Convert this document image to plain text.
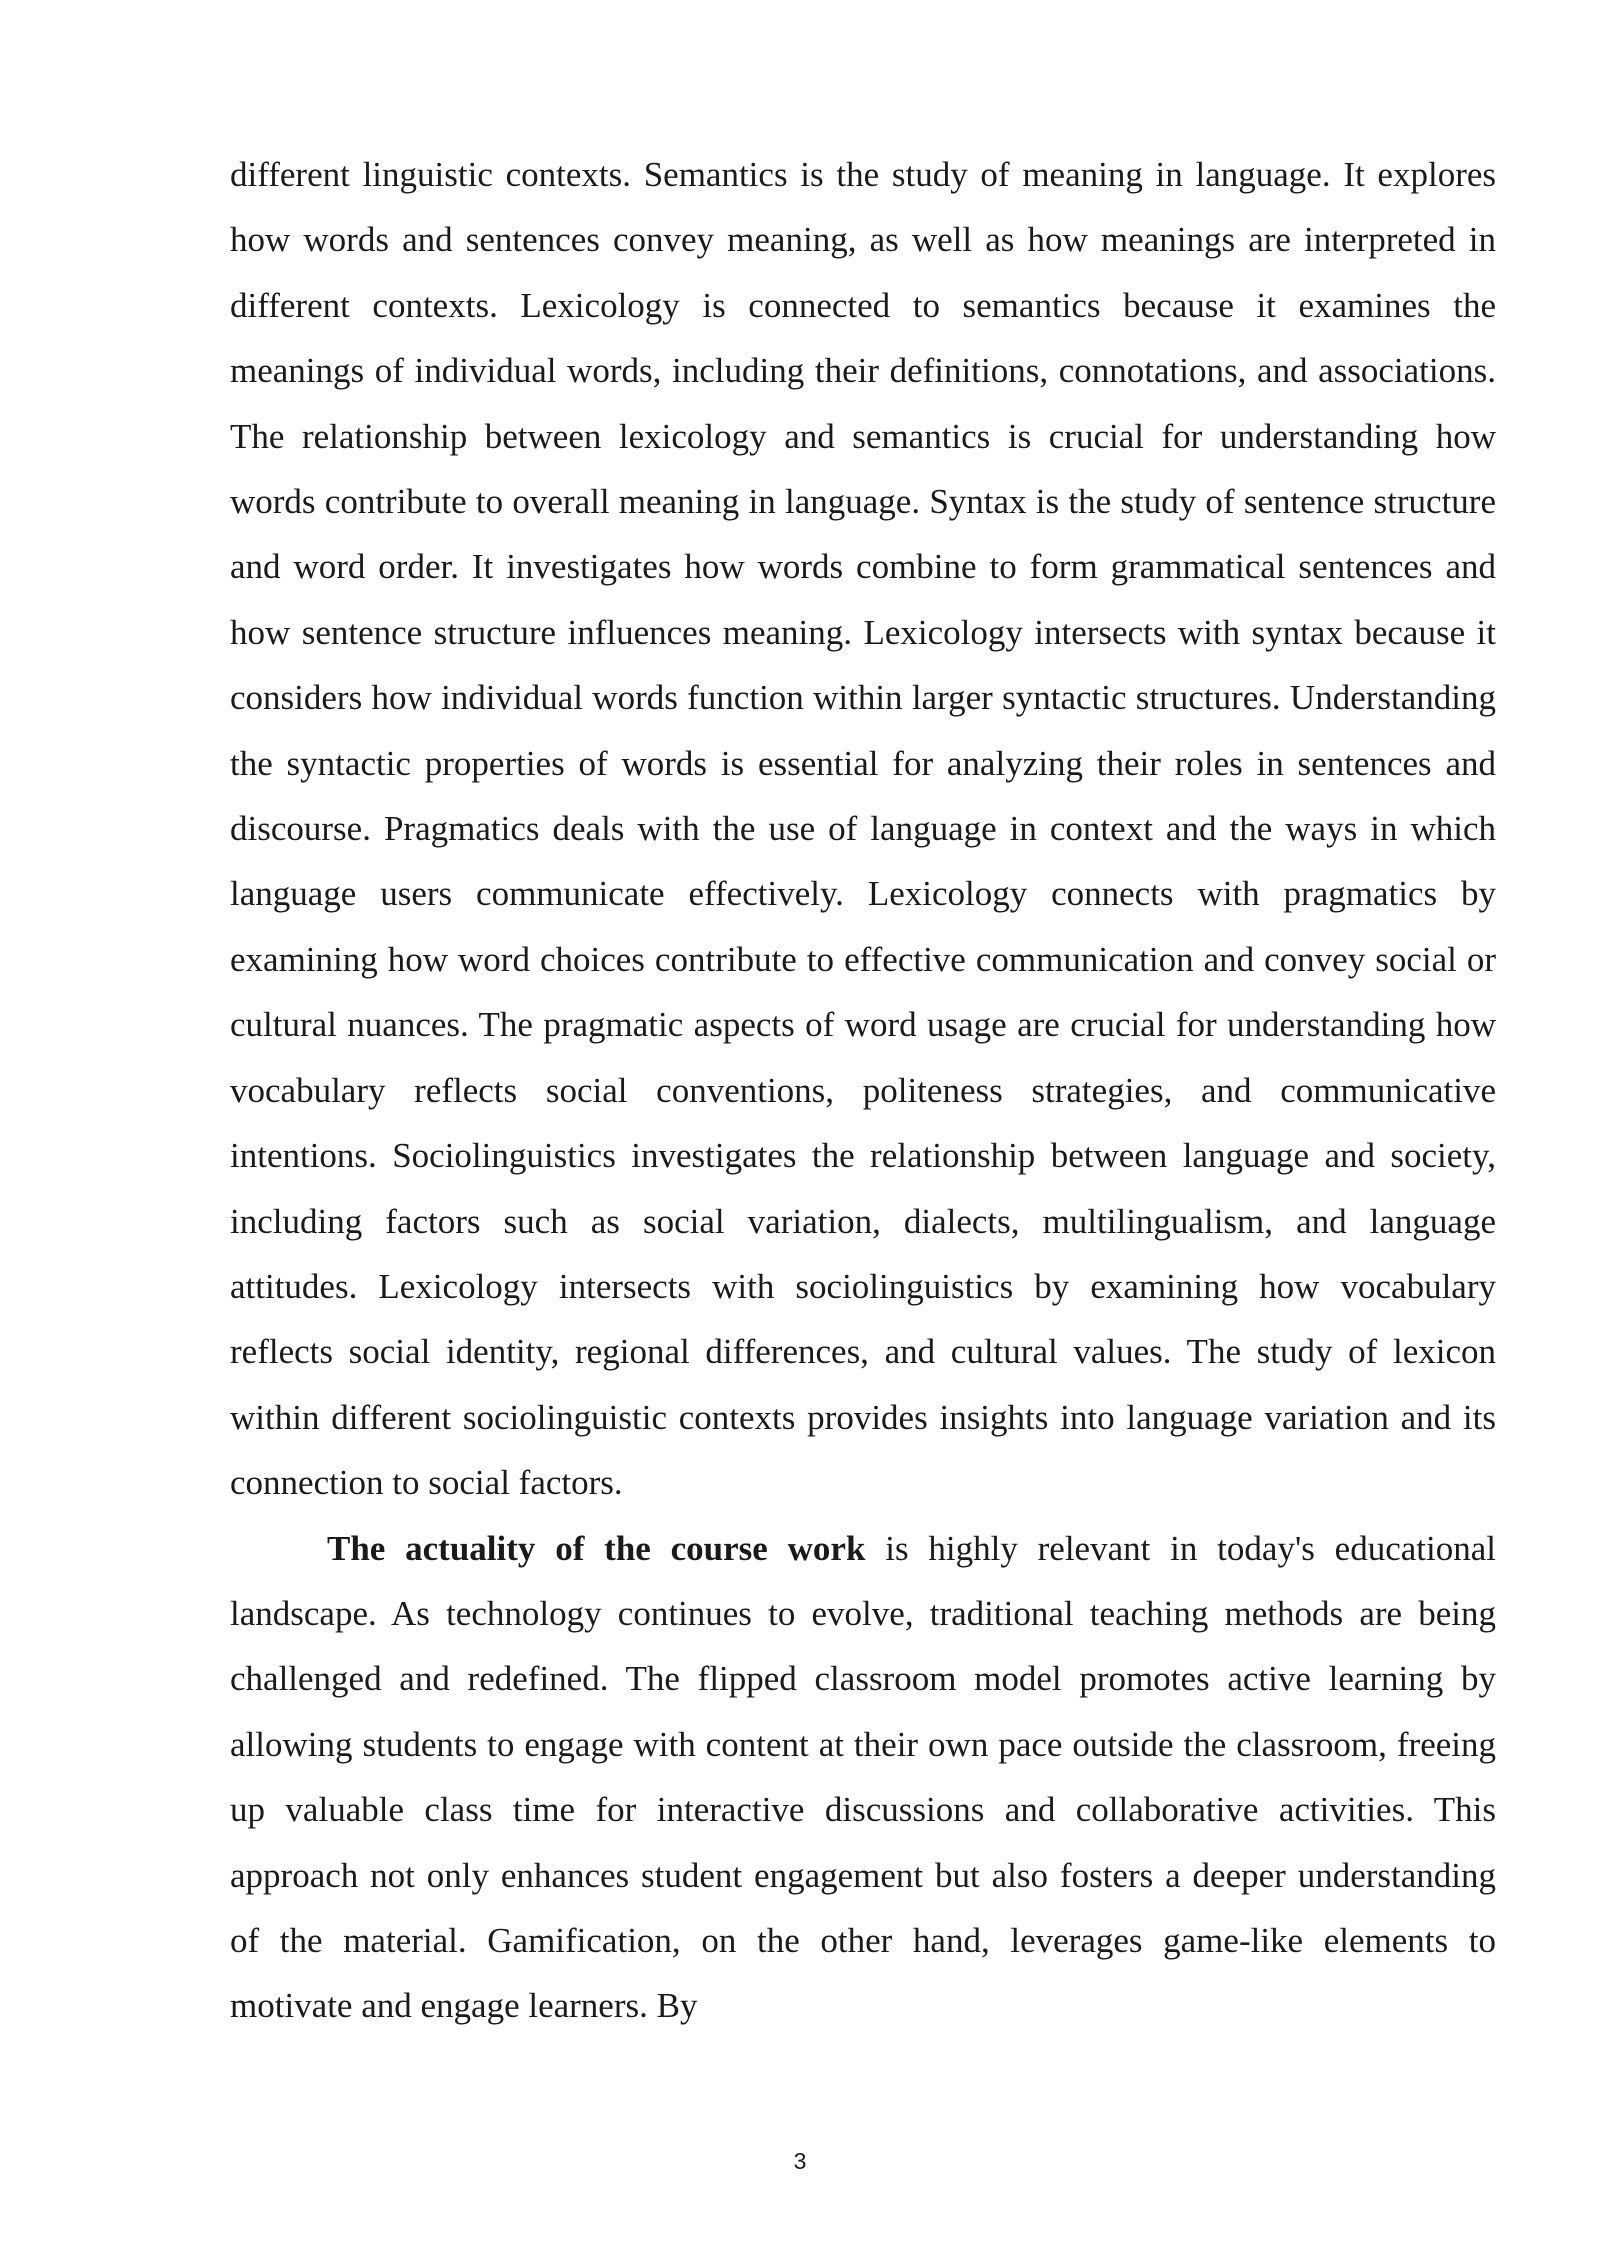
different linguistic contexts. Semantics is the study of meaning in language. It explores how words and sentences convey meaning, as well as how meanings are interpreted in different contexts. Lexicology is connected to semantics because it examines the meanings of individual words, including their definitions, connotations, and associations. The relationship between lexicology and semantics is crucial for understanding how words contribute to overall meaning in language. Syntax is the study of sentence structure and word order. It investigates how words combine to form grammatical sentences and how sentence structure influences meaning. Lexicology intersects with syntax because it considers how individual words function within larger syntactic structures. Understanding the syntactic properties of words is essential for analyzing their roles in sentences and discourse. Pragmatics deals with the use of language in context and the ways in which language users communicate effectively. Lexicology connects with pragmatics by examining how word choices contribute to effective communication and convey social or cultural nuances. The pragmatic aspects of word usage are crucial for understanding how vocabulary reflects social conventions, politeness strategies, and communicative intentions. Sociolinguistics investigates the relationship between language and society, including factors such as social variation, dialects, multilingualism, and language attitudes. Lexicology intersects with sociolinguistics by examining how vocabulary reflects social identity, regional differences, and cultural values. The study of lexicon within different sociolinguistic contexts provides insights into language variation and its connection to social factors.

The actuality of the course work is highly relevant in today's educational landscape. As technology continues to evolve, traditional teaching methods are being challenged and redefined. The flipped classroom model promotes active learning by allowing students to engage with content at their own pace outside the classroom, freeing up valuable class time for interactive discussions and collaborative activities. This approach not only enhances student engagement but also fosters a deeper understanding of the material. Gamification, on the other hand, leverages game-like elements to motivate and engage learners. By

3
